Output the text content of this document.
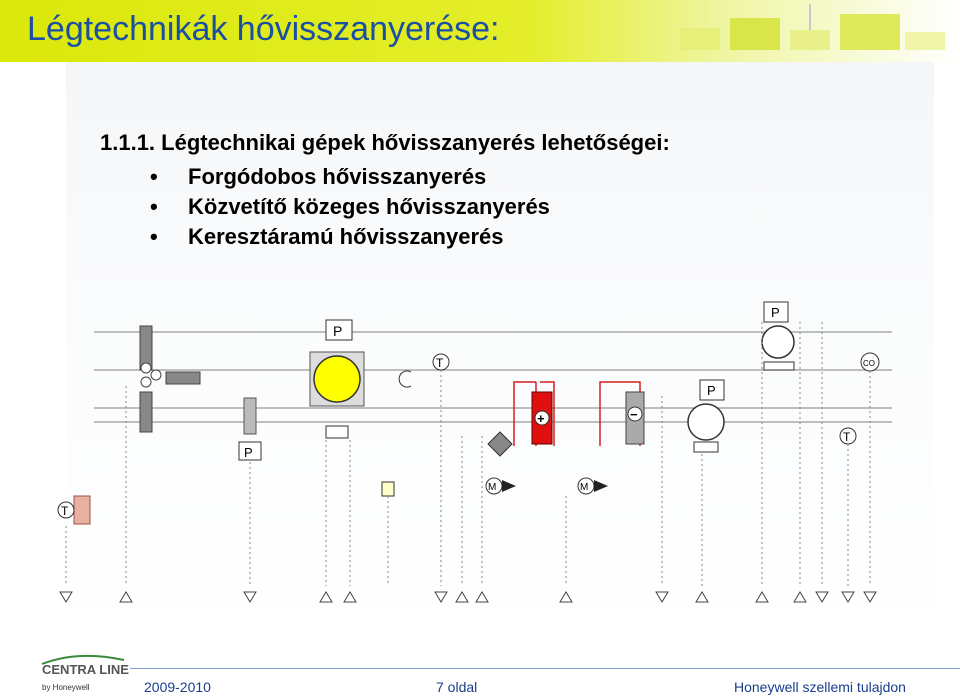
Légtechnikák hővisszanyerése:
1.1.1. Légtechnikai gépek hővisszanyerés lehetőségei:
• Forgódobos hővisszanyerés
• Közvetítő közeges hővisszanyerés
• Keresztáramú hővisszanyerés
P
P
T
+	−
M	M
P
P
CO
T
T
CENTRA LINE
by Honeywell	2009-2010	7 oldal	Honeywell szellemi tulajdon
